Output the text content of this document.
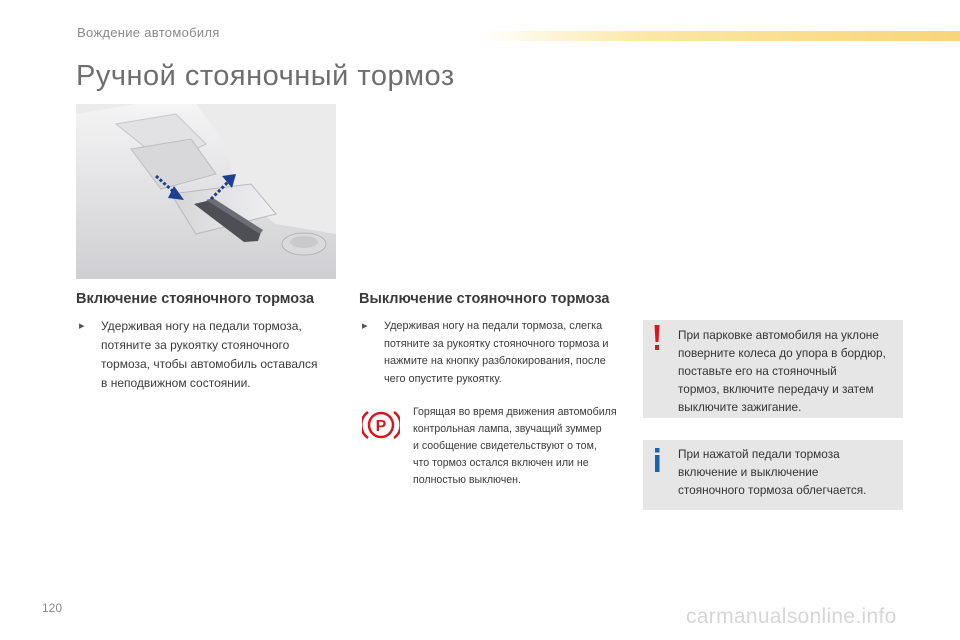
Вождение автомобиля
Ручной стояночный тормоз
Включение стояночного тормоза
▸	Удерживая ногу на педали тормоза,
потяните за рукоятку стояночного
тормоза, чтобы автомобиль оставался
в неподвижном состоянии.
Выключение стояночного тормоза
▸	Удерживая ногу на педали тормоза, слегка
потяните за рукоятку стояночного тормоза и
нажмите на кнопку разблокирования, после
чего опустите рукоятку.
P
Горящая во время движения автомобиля
контрольная лампа, звучащий зуммер
и сообщение свидетельствуют о том,
что тормоз остался включен или не
полностью выключен.
При парковке автомобиля на уклоне
поверните колеса до упора в бордюр,
поставьте его на стояночный
тормоз, включите передачу и затем
выключите зажигание.
При нажатой педали тормоза
включение и выключение
стояночного тормоза облегчается.
120	carmanualsonline.info
